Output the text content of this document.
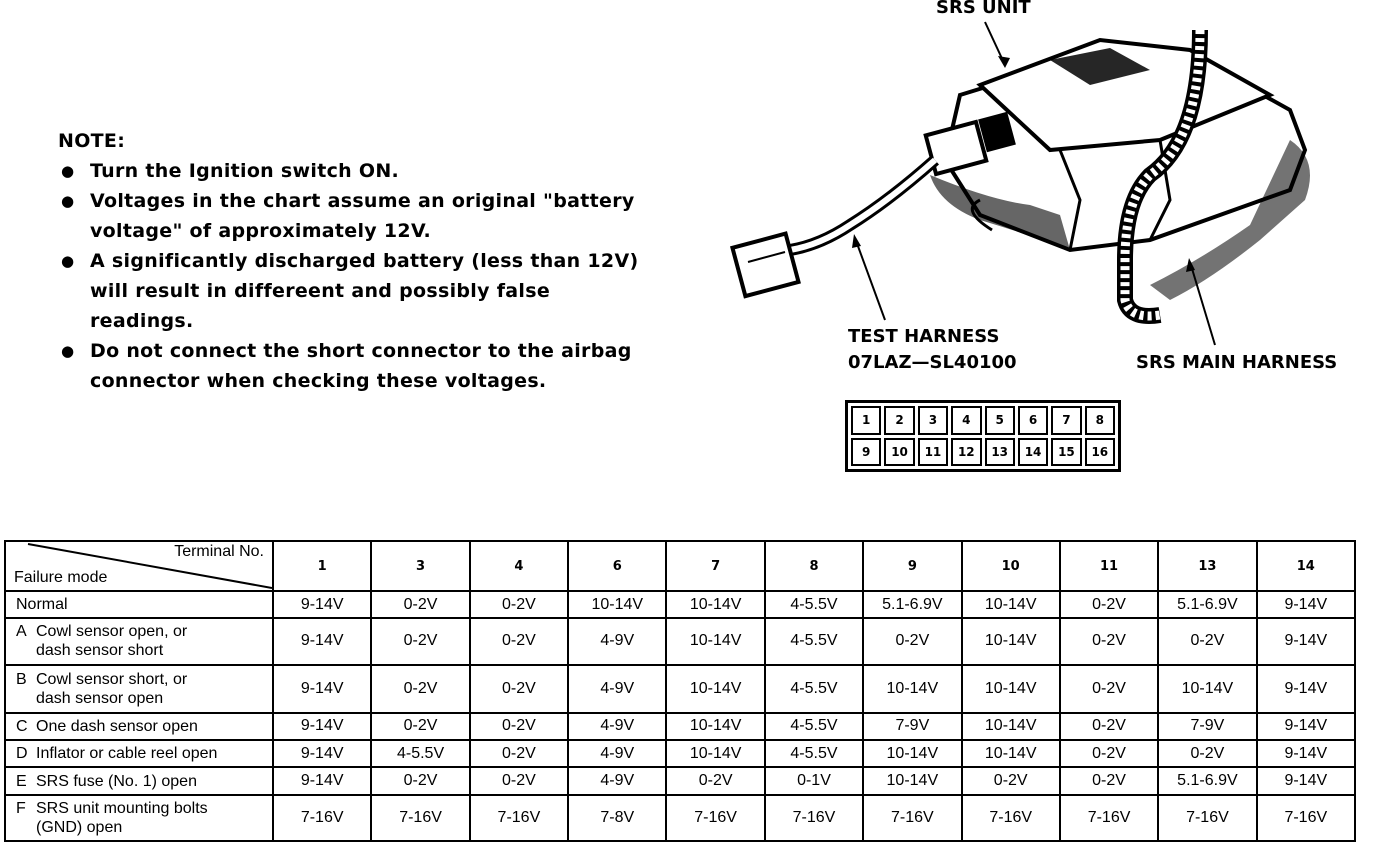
NOTE:
● Turn the Ignition switch ON.
● Voltages in the chart assume an original "battery voltage" of approximately 12V.
● A significantly discharged battery (less than 12V) will result in differeent and possibly false readings.
● Do not connect the short connector to the airbag connector when checking these voltages.
SRS UNIT
TEST HARNESS
07LAZ—SL40100	SRS MAIN HARNESS
1	2	3	4	5	6	7	8
9	10	11	12	13	14	15	16
Terminal No.
Failure mode	1	3	4	6	7	8	9	10	11	13	14
Normal	9-14V	0-2V	0-2V	10-14V	10-14V	4-5.5V	5.1-6.9V	10-14V	0-2V	5.1-6.9V	9-14V
A Cowl sensor open, or
dash sensor short	9-14V	0-2V	0-2V	4-9V	10-14V	4-5.5V	0-2V	10-14V	0-2V	0-2V	9-14V
B Cowl sensor short, or
dash sensor open	9-14V	0-2V	0-2V	4-9V	10-14V	4-5.5V	10-14V	10-14V	0-2V	10-14V	9-14V
C One dash sensor open	9-14V	0-2V	0-2V	4-9V	10-14V	4-5.5V	7-9V	10-14V	0-2V	7-9V	9-14V
D Inflator or cable reel open	9-14V	4-5.5V	0-2V	4-9V	10-14V	4-5.5V	10-14V	10-14V	0-2V	0-2V	9-14V
E SRS fuse (No. 1) open	9-14V	0-2V	0-2V	4-9V	0-2V	0-1V	10-14V	0-2V	0-2V	5.1-6.9V	9-14V
F SRS unit mounting bolts
(GND) open	7-16V	7-16V	7-16V	7-8V	7-16V	7-16V	7-16V	7-16V	7-16V	7-16V	7-16V
